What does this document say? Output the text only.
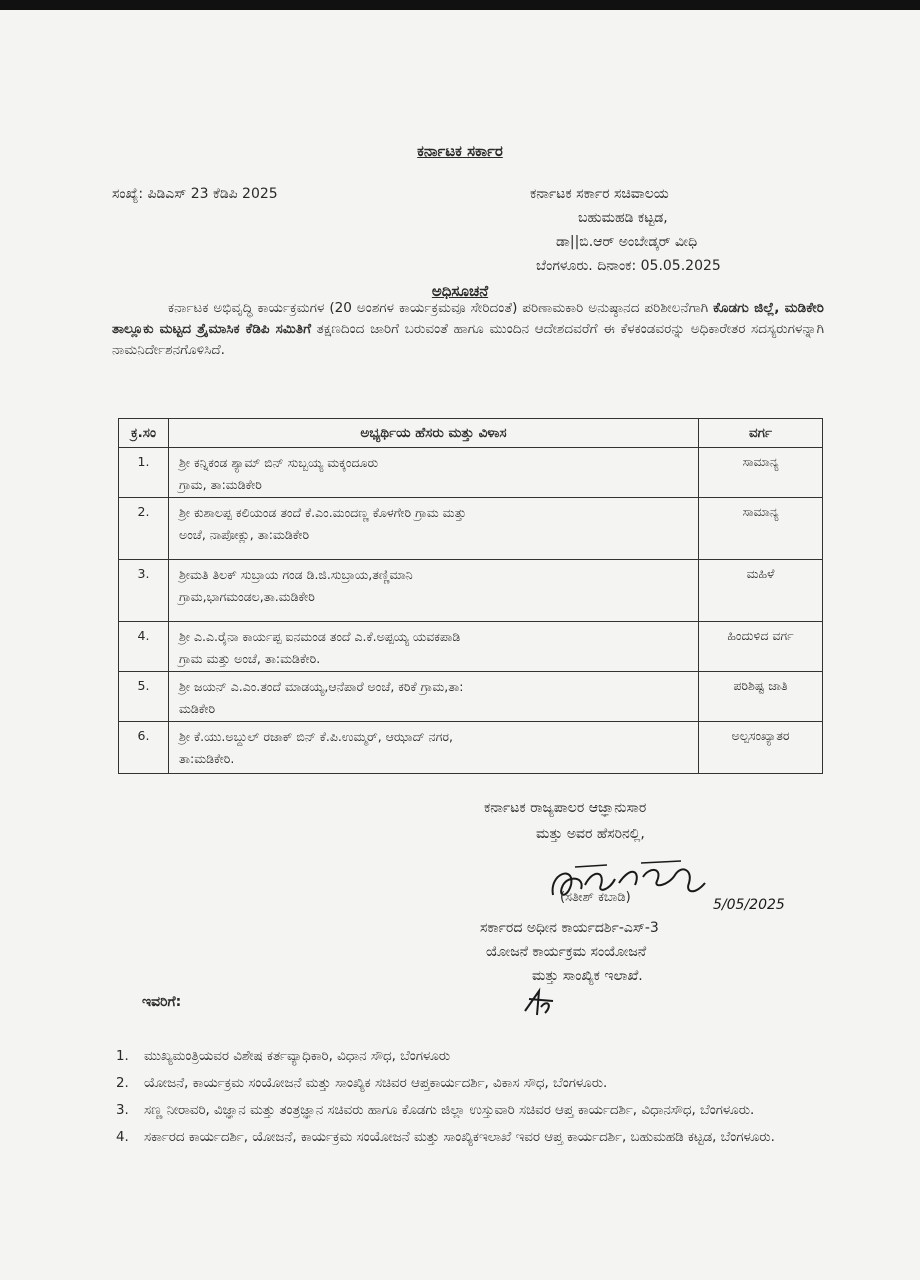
ಕರ್ನಾಟಕ ಸರ್ಕಾರ
ಸಂಖ್ಯೆ: ಪಿಡಿಎಸ್ 23 ಕೆಡಿಪಿ 2025	ಕರ್ನಾಟಕ ಸರ್ಕಾರ ಸಚಿವಾಲಯ
ಬಹುಮಹಡಿ ಕಟ್ಟಡ,
ಡಾ||ಬಿ.ಆರ್ ಅಂಬೇಡ್ಕರ್ ವೀಧಿ
ಬೆಂಗಳೂರು. ದಿನಾಂಕ: 05.05.2025
ಅಧಿಸೂಚನೆ
ಕರ್ನಾಟಕ ಅಭಿವೃದ್ಧಿ ಕಾರ್ಯಕ್ರಮಗಳ (20 ಅಂಶಗಳ ಕಾರ್ಯಕ್ರಮವೂ ಸೇರಿದಂತೆ) ಪರಿಣಾಮಕಾರಿ ಅನುಷ್ಠಾನದ ಪರಿಶೀಲನೆಗಾಗಿ ಕೊಡಗು ಜಿಲ್ಲೆ, ಮಡಿಕೇರಿ ತಾಲ್ಲೂಕು ಮಟ್ಟದ ತ್ರೈಮಾಸಿಕ ಕೆಡಿಪಿ ಸಮಿತಿಗೆ ತಕ್ಷಣದಿಂದ ಜಾರಿಗೆ ಬರುವಂತೆ ಹಾಗೂ ಮುಂದಿನ ಆದೇಶದವರೆಗೆ ಈ ಕೆಳಕಂಡವರನ್ನು ಅಧಿಕಾರೇತರ ಸದಸ್ಯರುಗಳನ್ನಾಗಿ ನಾಮನಿರ್ದೇಶನಗೊಳಿಸಿದೆ.
ಕ್ರ.ಸಂ	ಅಭ್ಯರ್ಥಿಯ ಹೆಸರು ಮತ್ತು ವಿಳಾಸ	ವರ್ಗ
1.	ಶ್ರೀ ಕನ್ನಿಕಂಡ ಶ್ಯಾಮ್ ಬಿನ್ ಸುಬ್ಬಯ್ಯ ಮಕ್ಕಂದೂರು
ಗ್ರಾಮ, ತಾ:ಮಡಿಕೇರಿ	ಸಾಮಾನ್ಯ
2.	ಶ್ರೀ ಕುಶಾಲಪ್ಪ ಕಲಿಯಂಡ ತಂದೆ ಕೆ.ಎಂ.ಮಂದಣ್ಣ ಕೊಳಗೇರಿ ಗ್ರಾಮ ಮತ್ತು
ಅಂಚೆ, ನಾಪೋಕ್ಲು, ತಾ:ಮಡಿಕೇರಿ	ಸಾಮಾನ್ಯ
3.	ಶ್ರೀಮತಿ ತಿಲಕ್ ಸುಬ್ರಾಯ ಗಂಡ ಡಿ.ಜಿ.ಸುಬ್ರಾಯ,ತಣ್ಣಿಮಾನಿ
ಗ್ರಾಮ,ಭಾಗಮಂಡಲ,ತಾ.ಮಡಿಕೇರಿ	ಮಹಿಳೆ
4.	ಶ್ರೀ ಎ.ಎ.ರೈನಾ ಕಾರ್ಯಪ್ಪ ಐನಮಂಡ ತಂದೆ ಎ.ಕೆ.ಅಪ್ಪಯ್ಯ ಯವಕಪಾಡಿ
ಗ್ರಾಮ ಮತ್ತು ಅಂಚೆ, ತಾ:ಮಡಿಕೇರಿ.	ಹಿಂದುಳಿದ ವರ್ಗ
5.	ಶ್ರೀ ಜಯನ್ ಎ.ಎಂ.ತಂದೆ ಮಾಡಯ್ಯ,ಆನೆಪಾರೆ ಅಂಚೆ, ಕರಿಕೆ ಗ್ರಾಮ,ತಾ:
ಮಡಿಕೇರಿ	ಪರಿಶಿಷ್ಟ ಜಾತಿ
6.	ಶ್ರೀ ಕೆ.ಯು.ಅಬ್ದುಲ್ ರಜಾಕ್ ಬಿನ್ ಕೆ.ಪಿ.ಉಮ್ಮರ್, ಆಝಾದ್ ನಗರ,
ತಾ:ಮಡಿಕೇರಿ.	ಅಲ್ಪಸಂಖ್ಯಾತರ
ಕರ್ನಾಟಕ ರಾಜ್ಯಪಾಲರ ಆಜ್ಞಾನುಸಾರ
ಮತ್ತು ಅವರ ಹೆಸರಿನಲ್ಲಿ,
5/05/2025
(ಸತೀಶ್ ಕಬಾಡಿ)
ಸರ್ಕಾರದ ಅಧೀನ ಕಾರ್ಯದರ್ಶಿ-ಎಸ್-3
ಯೋಜನೆ ಕಾರ್ಯಕ್ರಮ ಸಂಯೋಜನೆ
ಮತ್ತು ಸಾಂಖ್ಯಿಕ ಇಲಾಖೆ.
ಇವರಿಗೆ:
1. ಮುಖ್ಯಮಂತ್ರಿಯವರ ವಿಶೇಷ ಕರ್ತವ್ಯಾಧಿಕಾರಿ, ವಿಧಾನ ಸೌಧ, ಬೆಂಗಳೂರು
2. ಯೋಜನೆ, ಕಾರ್ಯಕ್ರಮ ಸಂಯೋಜನೆ ಮತ್ತು ಸಾಂಖ್ಯಿಕ ಸಚಿವರ ಆಪ್ತಕಾರ್ಯದರ್ಶಿ, ವಿಕಾಸ ಸೌಧ, ಬೆಂಗಳೂರು.
3. ಸಣ್ಣ ನೀರಾವರಿ, ವಿಜ್ಞಾನ ಮತ್ತು ತಂತ್ರಜ್ಞಾನ ಸಚಿವರು ಹಾಗೂ ಕೊಡಗು ಜಿಲ್ಲಾ ಉಸ್ತುವಾರಿ ಸಚಿವರ ಆಪ್ತ ಕಾರ್ಯದರ್ಶಿ, ವಿಧಾನಸೌಧ, ಬೆಂಗಳೂರು.
4. ಸರ್ಕಾರದ ಕಾರ್ಯದರ್ಶಿ, ಯೋಜನೆ, ಕಾರ್ಯಕ್ರಮ ಸಂಯೋಜನೆ ಮತ್ತು ಸಾಂಖ್ಯಿಕಇಲಾಖೆ ಇವರ ಆಪ್ತ ಕಾರ್ಯದರ್ಶಿ, ಬಹುಮಹಡಿ ಕಟ್ಟಡ, ಬೆಂಗಳೂರು.
